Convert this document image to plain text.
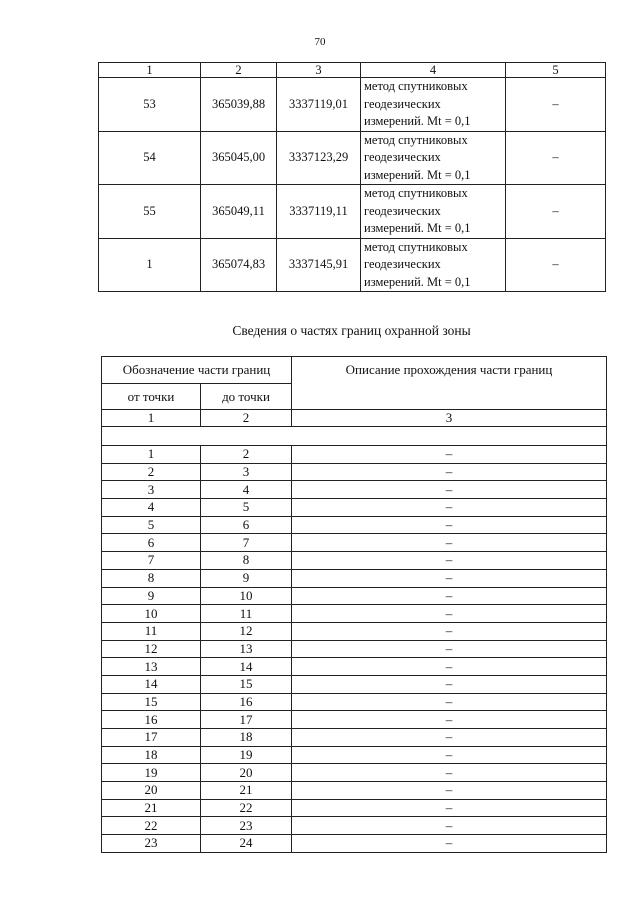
70
1	2	3	4	5
53	365039,88	3337119,01	метод спутниковых
геодезических
измерений. Mt = 0,1	–
54	365045,00	3337123,29	метод спутниковых
геодезических
измерений. Mt = 0,1	–
55	365049,11	3337119,11	метод спутниковых
геодезических
измерений. Mt = 0,1	–
1	365074,83	3337145,91	метод спутниковых
геодезических
измерений. Mt = 0,1	–
Сведения о частях границ охранной зоны
Обозначение части границ		Описание прохождения части границ
от точки	до точки	
1	2	3

1	2	–
2	3	–
3	4	–
4	5	–
5	6	–
6	7	–
7	8	–
8	9	–
9	10	–
10	11	–
11	12	–
12	13	–
13	14	–
14	15	–
15	16	–
16	17	–
17	18	–
18	19	–
19	20	–
20	21	–
21	22	–
22	23	–
23	24	–
